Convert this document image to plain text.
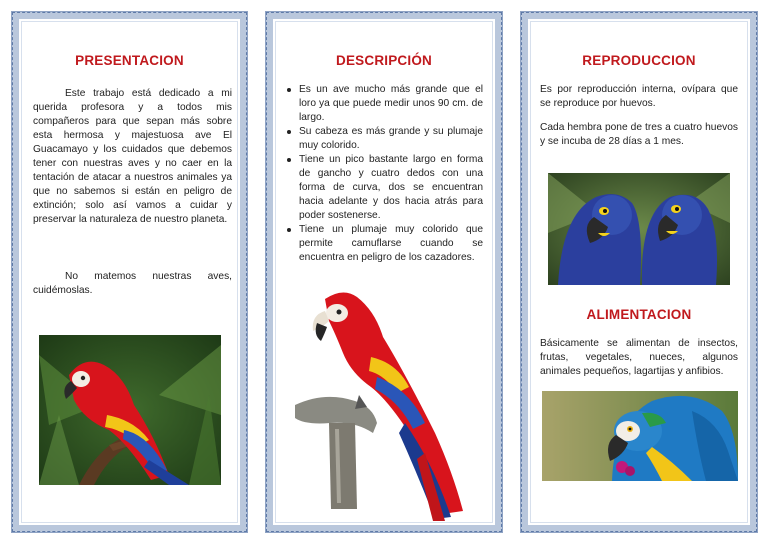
PRESENTACION
Este trabajo está dedicado a mi querida profesora y a todos mis compañeros para que sepan más sobre esta hermosa y majestuosa ave El Guacamayo y los cuidados que debemos tener con nuestras aves y no caer en la tentación de atacar a nuestros animales ya que no sabemos si están en peligro de extinción; solo así vamos a cuidar y preservar la naturaleza de nuestro planeta.
No matemos nuestras aves, cuidémoslas.
DESCRIPCIÓN
Es un ave mucho más grande que el loro ya que puede medir unos 90 cm. de largo.
Su cabeza es más grande y su plumaje muy colorido.
Tiene un pico bastante largo en forma de gancho y cuatro dedos con una forma de curva, dos se encuentran hacia adelante y dos hacia atrás para poder sostenerse.
Tiene un plumaje muy colorido que permite camuflarse cuando se encuentra en peligro de los cazadores.
REPRODUCCION
Es por reproducción interna, ovípara que se reproduce por huevos.
Cada hembra pone de tres a cuatro huevos y se incuba de 28 días a 1 mes.
ALIMENTACION
Básicamente se alimentan de insectos, frutas, vegetales, nueces, algunos animales pequeños, lagartijas y anfibios.
